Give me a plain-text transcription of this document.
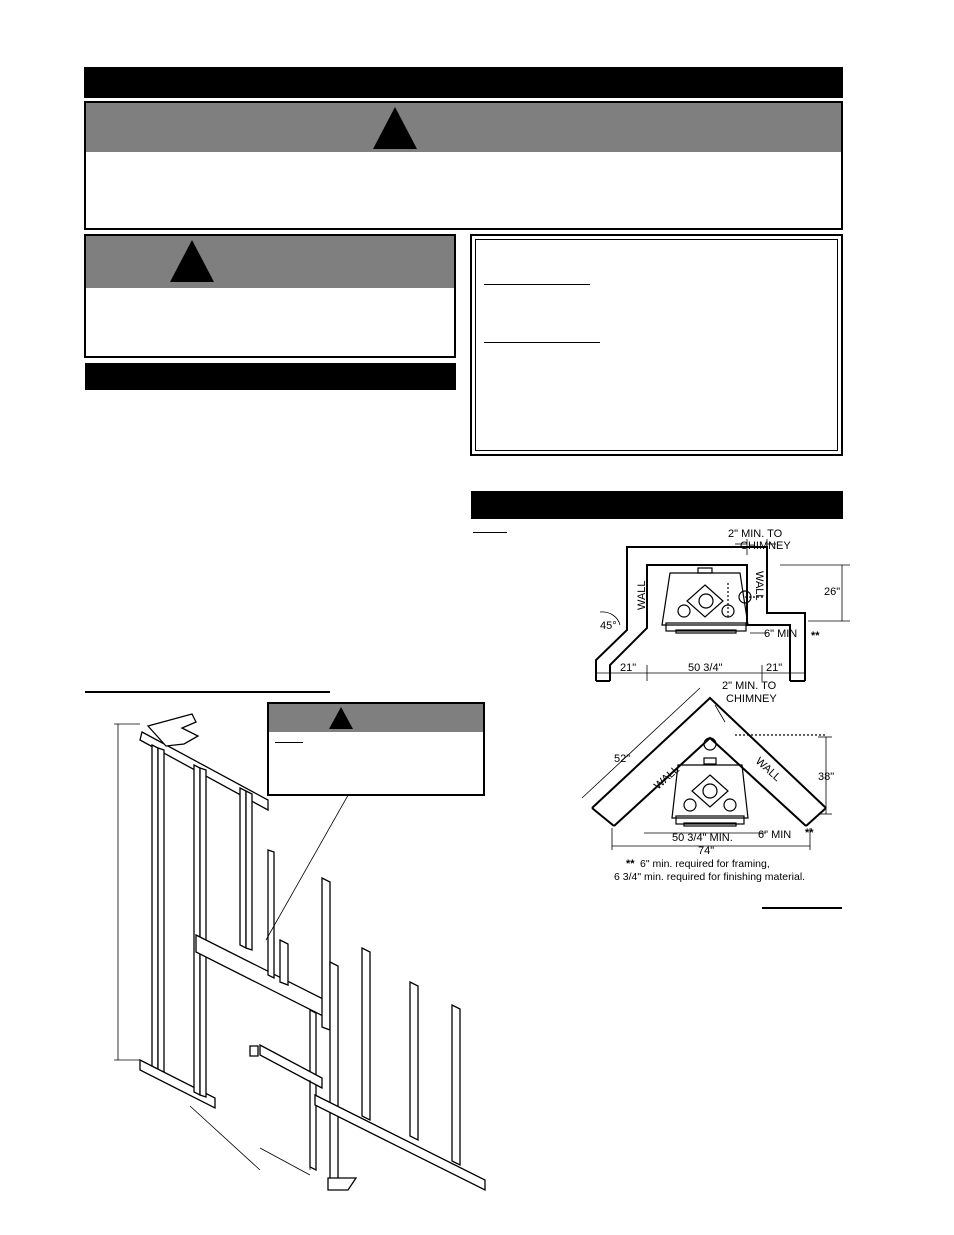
2" MIN. TO
CHIMNEY
26"
45°
6" MIN **
21"	50 3/4"	21"
WALL	WALL
2" MIN. TO
CHIMNEY
52"
38"
50 3/4" MIN.
74"
6" MIN **
WALL	WALL
** 6" min. required for framing,
6 3/4" min. required for finishing material.
